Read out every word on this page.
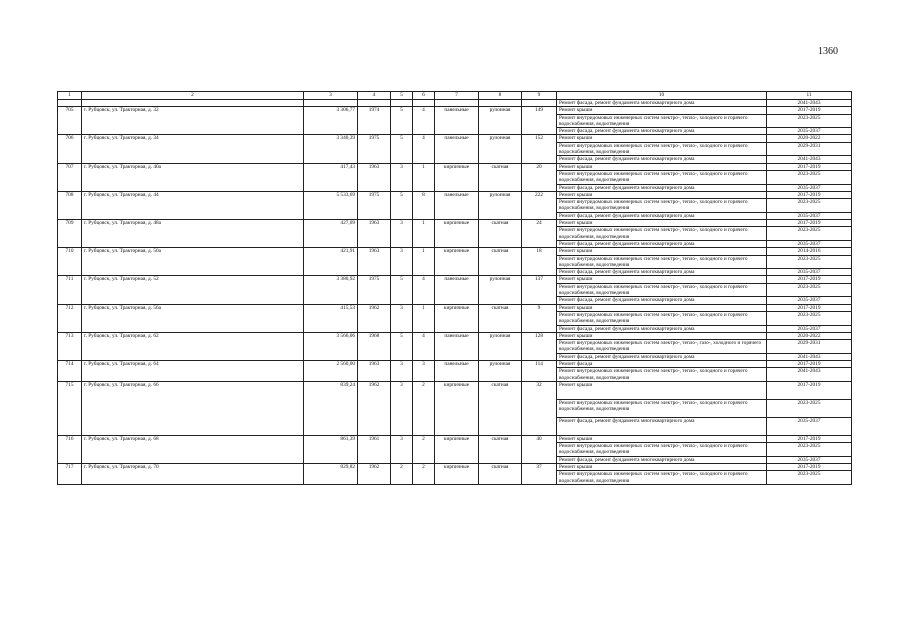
1360
1	2	3	4	5	6	7	8	9	10	11
									Ремонт фасада, ремонт фундамента многоквартирного дома	2041-2043
705	г. Рубцовск, ул. Тракторная, д. 32	3 306,77	1974	5	4	панельные	рулонная	149	Ремонт крыши	2017-2019
									Ремонт внутридомовых инженерных систем электро-, тепло-, холодного и горячего водоснабжения, водоотведения	2023-2025
									Ремонт фасада, ремонт фундамента многоквартирного дома	2035-2037
706	г. Рубцовск, ул. Тракторная, д. 34	3 340,39	1975	5	4	панельные	рулонная	152	Ремонт крыши	2020-2022
									Ремонт внутридомовых инженерных систем электро-, тепло-, холодного и горячего водоснабжения, водоотведения	2029-2031
									Ремонт фасада, ремонт фундамента многоквартирного дома	2041-2043
707	г. Рубцовск, ул. Тракторная, д. 40а	417,43	1963	3	1	кирпичные	скатная	20	Ремонт крыши	2017-2019
									Ремонт внутридомовых инженерных систем электро-, тепло-, холодного и горячего водоснабжения, водоотведения	2023-2025
									Ремонт фасада, ремонт фундамента многоквартирного дома	2035-2037
708	г. Рубцовск, ул. Тракторная, д. 44	5 533,69	1975	5	8	панельные	рулонная	222	Ремонт крыши	2017-2019
									Ремонт внутридомовых инженерных систем электро-, тепло-, холодного и горячего водоснабжения, водоотведения	2023-2025
									Ремонт фасада, ремонт фундамента многоквартирного дома	2035-2037
709	г. Рубцовск, ул. Тракторная, д. 48а	427,09	1963	3	1	кирпичные	скатная	24	Ремонт крыши	2017-2019
									Ремонт внутридомовых инженерных систем электро-, тепло-, холодного и горячего водоснабжения, водоотведения	2023-2025
									Ремонт фасада, ремонт фундамента многоквартирного дома	2035-2037
710	г. Рубцовск, ул. Тракторная, д. 50а	421,91	1963	3	1	кирпичные	скатная	18	Ремонт крыши	2014-2016
									Ремонт внутридомовых инженерных систем электро-, тепло-, холодного и горячего водоснабжения, водоотведения	2023-2025
									Ремонт фасада, ремонт фундамента многоквартирного дома	2035-2037
711	г. Рубцовск, ул. Тракторная, д. 52	3 380,92	1975	5	4	панельные	рулонная	137	Ремонт крыши	2017-2019
									Ремонт внутридомовых инженерных систем электро-, тепло-, холодного и горячего водоснабжения, водоотведения	2023-2025
									Ремонт фасада, ремонт фундамента многоквартирного дома	2035-2037
712	г. Рубцовск, ул. Тракторная, д. 56а	415,53	1962	3	1	кирпичные	скатная	9	Ремонт крыши	2017-2019
									Ремонт внутридомовых инженерных систем электро-, тепло-, холодного и горячего водоснабжения, водоотведения	2023-2025
									Ремонт фасада, ремонт фундамента многоквартирного дома	2035-2037
713	г. Рубцовск, ул. Тракторная, д. 62	3 566,06	1968	5	4	панельные	рулонная	128	Ремонт крыши	2020-2022
									Ремонт внутридомовых инженерных систем электро-, тепло-, газо-, холодного и горячего водоснабжения, водоотведения	2029-2031
									Ремонт фасада, ремонт фундамента многоквартирного дома	2041-2043
714	г. Рубцовск, ул. Тракторная, д. 64	2 560,00	1963	3	3	панельные	рулонная	114	Ремонт фасада	2017-2019
									Ремонт внутридомовых инженерных систем электро-, тепло-, холодного и горячего водоснабжения, водоотведения	2041-2043
715	г. Рубцовск, ул. Тракторная, д. 66	839,24	1962	3	2	кирпичные	скатная	32	Ремонт крыши	2017-2019
									Ремонт внутридомовых инженерных систем электро-, тепло-, холодного и горячего водоснабжения, водоотведения	2023-2025
									Ремонт фасада, ремонт фундамента многоквартирного дома	2035-2037
716	г. Рубцовск, ул. Тракторная, д. 68	861,39	1961	3	2	кирпичные	скатная	40	Ремонт крыши	2017-2019
									Ремонт внутридомовых инженерных систем электро-, тепло-, холодного и горячего водоснабжения, водоотведения	2023-2025
									Ремонт фасада, ремонт фундамента многоквартирного дома	2035-2037
717	г. Рубцовск, ул. Тракторная, д. 70	829,82	1962	2	2	кирпичные	скатная	37	Ремонт крыши	2017-2019
									Ремонт внутридомовых инженерных систем электро-, тепло-, холодного и горячего водоснабжения, водоотведения	2023-2025
